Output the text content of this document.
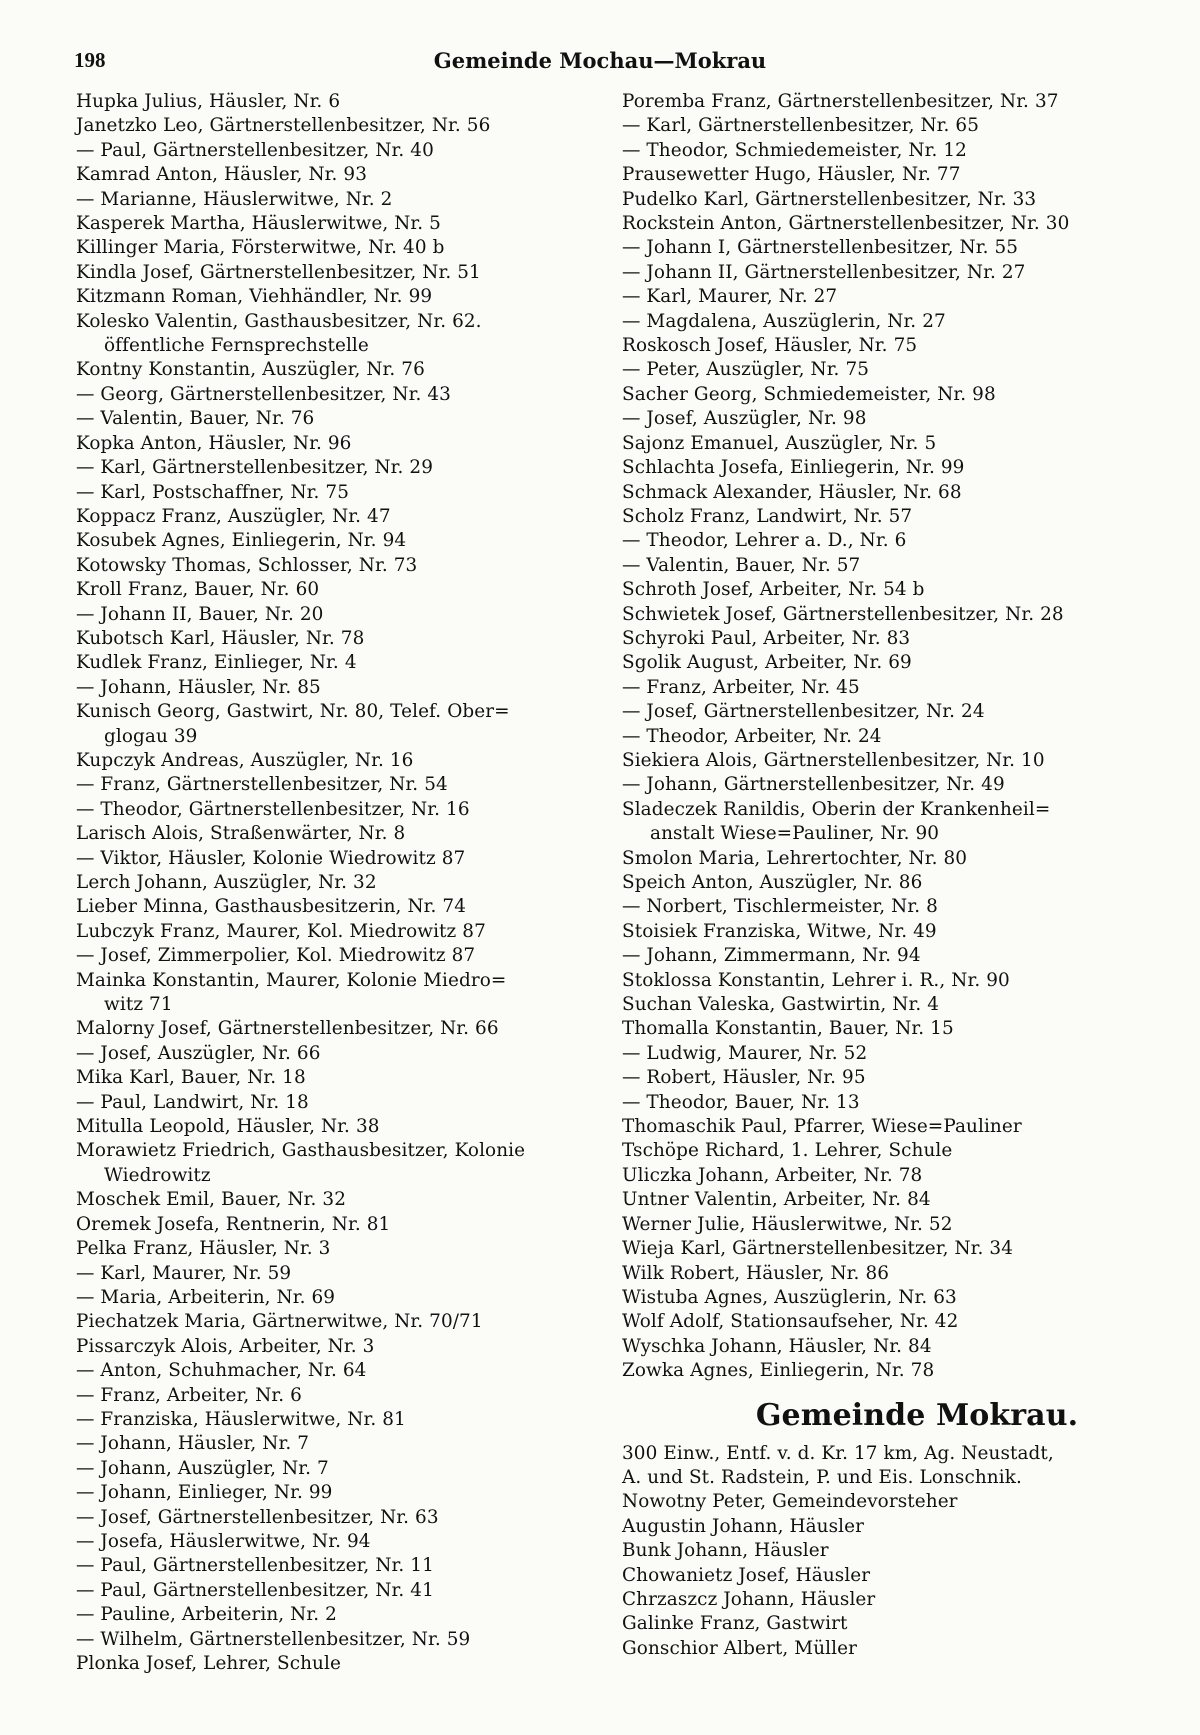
198	Gemeinde Mochau—Mokrau
Hupka Julius, Häusler, Nr. 6
Janetzko Leo, Gärtnerstellenbesitzer, Nr. 56
— Paul, Gärtnerstellenbesitzer, Nr. 40
Kamrad Anton, Häusler, Nr. 93
— Marianne, Häuslerwitwe, Nr. 2
Kasperek Martha, Häuslerwitwe, Nr. 5
Killinger Maria, Försterwitwe, Nr. 40 b
Kindla Josef, Gärtnerstellenbesitzer, Nr. 51
Kitzmann Roman, Viehhändler, Nr. 99
Kolesko Valentin, Gasthausbesitzer, Nr. 62.
öffentliche Fernsprechstelle
Kontny Konstantin, Auszügler, Nr. 76
— Georg, Gärtnerstellenbesitzer, Nr. 43
— Valentin, Bauer, Nr. 76
Kopka Anton, Häusler, Nr. 96
— Karl, Gärtnerstellenbesitzer, Nr. 29
— Karl, Postschaffner, Nr. 75
Koppacz Franz, Auszügler, Nr. 47
Kosubek Agnes, Einliegerin, Nr. 94
Kotowsky Thomas, Schlosser, Nr. 73
Kroll Franz, Bauer, Nr. 60
— Johann II, Bauer, Nr. 20
Kubotsch Karl, Häusler, Nr. 78
Kudlek Franz, Einlieger, Nr. 4
— Johann, Häusler, Nr. 85
Kunisch Georg, Gastwirt, Nr. 80, Telef. Ober=
glogau 39
Kupczyk Andreas, Auszügler, Nr. 16
— Franz, Gärtnerstellenbesitzer, Nr. 54
— Theodor, Gärtnerstellenbesitzer, Nr. 16
Larisch Alois, Straßenwärter, Nr. 8
— Viktor, Häusler, Kolonie Wiedrowitz 87
Lerch Johann, Auszügler, Nr. 32
Lieber Minna, Gasthausbesitzerin, Nr. 74
Lubczyk Franz, Maurer, Kol. Miedrowitz 87
— Josef, Zimmerpolier, Kol. Miedrowitz 87
Mainka Konstantin, Maurer, Kolonie Miedro=
witz 71
Malorny Josef, Gärtnerstellenbesitzer, Nr. 66
— Josef, Auszügler, Nr. 66
Mika Karl, Bauer, Nr. 18
— Paul, Landwirt, Nr. 18
Mitulla Leopold, Häusler, Nr. 38
Morawietz Friedrich, Gasthausbesitzer, Kolonie
Wiedrowitz
Moschek Emil, Bauer, Nr. 32
Oremek Josefa, Rentnerin, Nr. 81
Pelka Franz, Häusler, Nr. 3
— Karl, Maurer, Nr. 59
— Maria, Arbeiterin, Nr. 69
Piechatzek Maria, Gärtnerwitwe, Nr. 70/71
Pissarczyk Alois, Arbeiter, Nr. 3
— Anton, Schuhmacher, Nr. 64
— Franz, Arbeiter, Nr. 6
— Franziska, Häuslerwitwe, Nr. 81
— Johann, Häusler, Nr. 7
— Johann, Auszügler, Nr. 7
— Johann, Einlieger, Nr. 99
— Josef, Gärtnerstellenbesitzer, Nr. 63
— Josefa, Häuslerwitwe, Nr. 94
— Paul, Gärtnerstellenbesitzer, Nr. 11
— Paul, Gärtnerstellenbesitzer, Nr. 41
— Pauline, Arbeiterin, Nr. 2
— Wilhelm, Gärtnerstellenbesitzer, Nr. 59
Plonka Josef, Lehrer, Schule
Poremba Franz, Gärtnerstellenbesitzer, Nr. 37
— Karl, Gärtnerstellenbesitzer, Nr. 65
— Theodor, Schmiedemeister, Nr. 12
Prausewetter Hugo, Häusler, Nr. 77
Pudelko Karl, Gärtnerstellenbesitzer, Nr. 33
Rockstein Anton, Gärtnerstellenbesitzer, Nr. 30
— Johann I, Gärtnerstellenbesitzer, Nr. 55
— Johann II, Gärtnerstellenbesitzer, Nr. 27
— Karl, Maurer, Nr. 27
— Magdalena, Auszüglerin, Nr. 27
Roskosch Josef, Häusler, Nr. 75
— Peter, Auszügler, Nr. 75
Sacher Georg, Schmiedemeister, Nr. 98
— Josef, Auszügler, Nr. 98
Sajonz Emanuel, Auszügler, Nr. 5
Schlachta Josefa, Einliegerin, Nr. 99
Schmack Alexander, Häusler, Nr. 68
Scholz Franz, Landwirt, Nr. 57
— Theodor, Lehrer a. D., Nr. 6
— Valentin, Bauer, Nr. 57
Schroth Josef, Arbeiter, Nr. 54 b
Schwietek Josef, Gärtnerstellenbesitzer, Nr. 28
Schyroki Paul, Arbeiter, Nr. 83
Sgolik August, Arbeiter, Nr. 69
— Franz, Arbeiter, Nr. 45
— Josef, Gärtnerstellenbesitzer, Nr. 24
— Theodor, Arbeiter, Nr. 24
Siekiera Alois, Gärtnerstellenbesitzer, Nr. 10
— Johann, Gärtnerstellenbesitzer, Nr. 49
Sladeczek Ranildis, Oberin der Krankenheil=
anstalt Wiese=Pauliner, Nr. 90
Smolon Maria, Lehrertochter, Nr. 80
Speich Anton, Auszügler, Nr. 86
— Norbert, Tischlermeister, Nr. 8
Stoisiek Franziska, Witwe, Nr. 49
— Johann, Zimmermann, Nr. 94
Stoklossa Konstantin, Lehrer i. R., Nr. 90
Suchan Valeska, Gastwirtin, Nr. 4
Thomalla Konstantin, Bauer, Nr. 15
— Ludwig, Maurer, Nr. 52
— Robert, Häusler, Nr. 95
— Theodor, Bauer, Nr. 13
Thomaschik Paul, Pfarrer, Wiese=Pauliner
Tschöpe Richard, 1. Lehrer, Schule
Uliczka Johann, Arbeiter, Nr. 78
Untner Valentin, Arbeiter, Nr. 84
Werner Julie, Häuslerwitwe, Nr. 52
Wieja Karl, Gärtnerstellenbesitzer, Nr. 34
Wilk Robert, Häusler, Nr. 86
Wistuba Agnes, Auszüglerin, Nr. 63
Wolf Adolf, Stationsaufseher, Nr. 42
Wyschka Johann, Häusler, Nr. 84
Zowka Agnes, Einliegerin, Nr. 78
Gemeinde Mokrau.
300 Einw., Entf. v. d. Kr. 17 km, Ag. Neustadt,
A. und St. Radstein, P. und Eis. Lonschnik.
Nowotny Peter, Gemeindevorsteher
Augustin Johann, Häusler
Bunk Johann, Häusler
Chowanietz Josef, Häusler
Chrzaszcz Johann, Häusler
Galinke Franz, Gastwirt
Gonschior Albert, Müller
